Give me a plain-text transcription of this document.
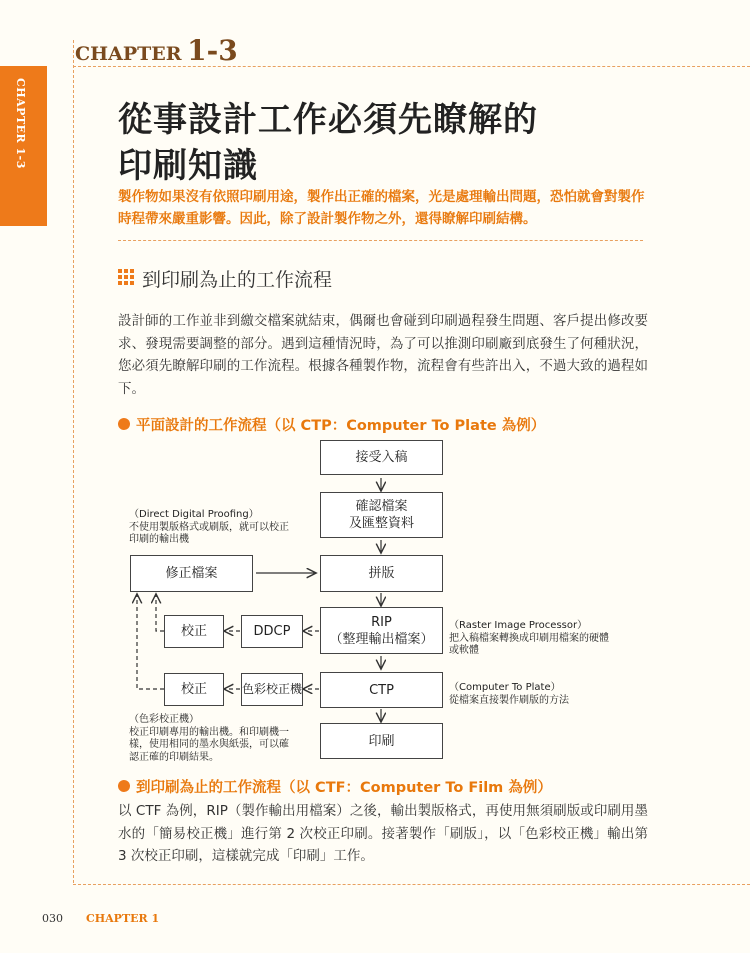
CHAPTER 1-3
CHAPTER 1-3	從事設計工作必須先瞭解的
印刷知識
製作物如果沒有依照印刷用途，製作出正確的檔案，光是處理輸出問題，恐怕就會對製作時程帶來嚴重影響。因此，除了設計製作物之外，還得瞭解印刷結構。
到印刷為止的工作流程
設計師的工作並非到繳交檔案就結束，偶爾也會碰到印刷過程發生問題、客戶提出修改要求、發現需要調整的部分。遇到這種情況時，為了可以推測印刷廠到底發生了何種狀況，您必須先瞭解印刷的工作流程。根據各種製作物，流程會有些許出入，不過大致的過程如下。
平面設計的工作流程（以 CTP：Computer To Plate 為例）
接受入稿
確認檔案
及匯整資料
拼版
RIP
（整理輸出檔案）
CTP
印刷
修正檔案
校正	DDCP
校正	色彩校正機
（Direct Digital Proofing）
不使用製版格式或刷版，就可以校正
印刷的輸出機
（Raster Image Processor）
把入稿檔案轉換成印刷用檔案的硬體
或軟體
（Computer To Plate）
從檔案直接製作刷版的方法
（色彩校正機）
校正印刷專用的輸出機。和印刷機一
樣，使用相同的墨水與紙張，可以確
認正確的印刷結果。
到印刷為止的工作流程（以 CTF：Computer To Film 為例）
以 CTF 為例，RIP（製作輸出用檔案）之後，輸出製版格式，再使用無須刷版或印刷用墨水的「簡易校正機」進行第 2 次校正印刷。接著製作「刷版」，以「色彩校正機」輸出第 3 次校正印刷，這樣就完成「印刷」工作。
030 CHAPTER 1
